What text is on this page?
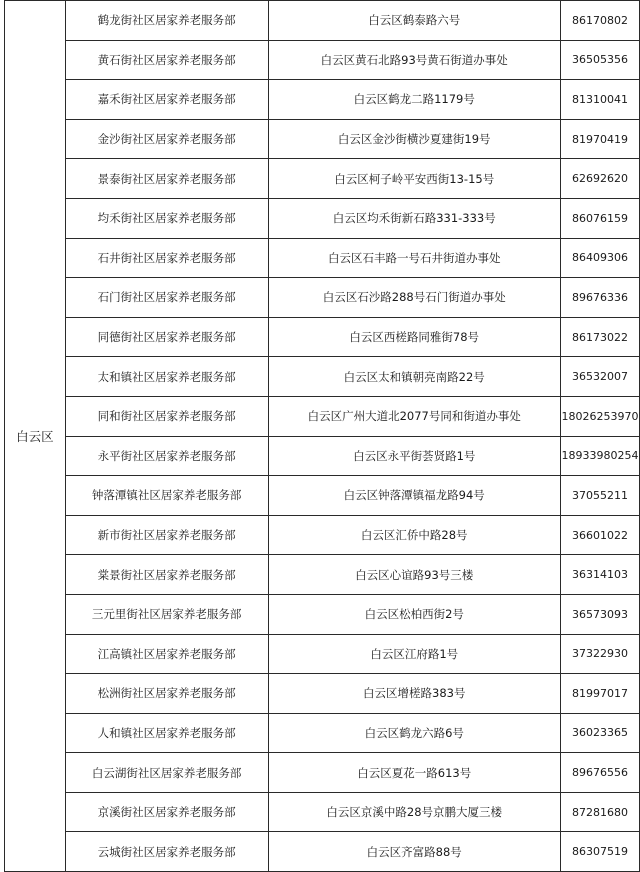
白云区	鹤龙街社区居家养老服务部	白云区鹤泰路六号	86170802
	黄石街社区居家养老服务部	白云区黄石北路93号黄石街道办事处	36505356
	嘉禾街社区居家养老服务部	白云区鹤龙二路1179号	81310041
	金沙街社区居家养老服务部	白云区金沙街横沙夏建街19号	81970419
	景泰街社区居家养老服务部	白云区柯子岭平安西街13-15号	62692620
	均禾街社区居家养老服务部	白云区均禾街新石路331-333号	86076159
	石井街社区居家养老服务部	白云区石丰路一号石井街道办事处	86409306
	石门街社区居家养老服务部	白云区石沙路288号石门街道办事处	89676336
	同德街社区居家养老服务部	白云区西槎路同雅街78号	86173022
	太和镇社区居家养老服务部	白云区太和镇朝亮南路22号	36532007
	同和街社区居家养老服务部	白云区广州大道北2077号同和街道办事处	18026253970
	永平街社区居家养老服务部	白云区永平街荟贤路1号	18933980254
	钟落潭镇社区居家养老服务部	白云区钟落潭镇福龙路94号	37055211
	新市街社区居家养老服务部	白云区汇侨中路28号	36601022
	棠景街社区居家养老服务部	白云区心谊路93号三楼	36314103
	三元里街社区居家养老服务部	白云区松柏西街2号	36573093
	江高镇社区居家养老服务部	白云区江府路1号	37322930
	松洲街社区居家养老服务部	白云区增槎路383号	81997017
	人和镇社区居家养老服务部	白云区鹤龙六路6号	36023365
	白云湖街社区居家养老服务部	白云区夏花一路613号	89676556
	京溪街社区居家养老服务部	白云区京溪中路28号京鹏大厦三楼	87281680
	云城街社区居家养老服务部	白云区齐富路88号	86307519
